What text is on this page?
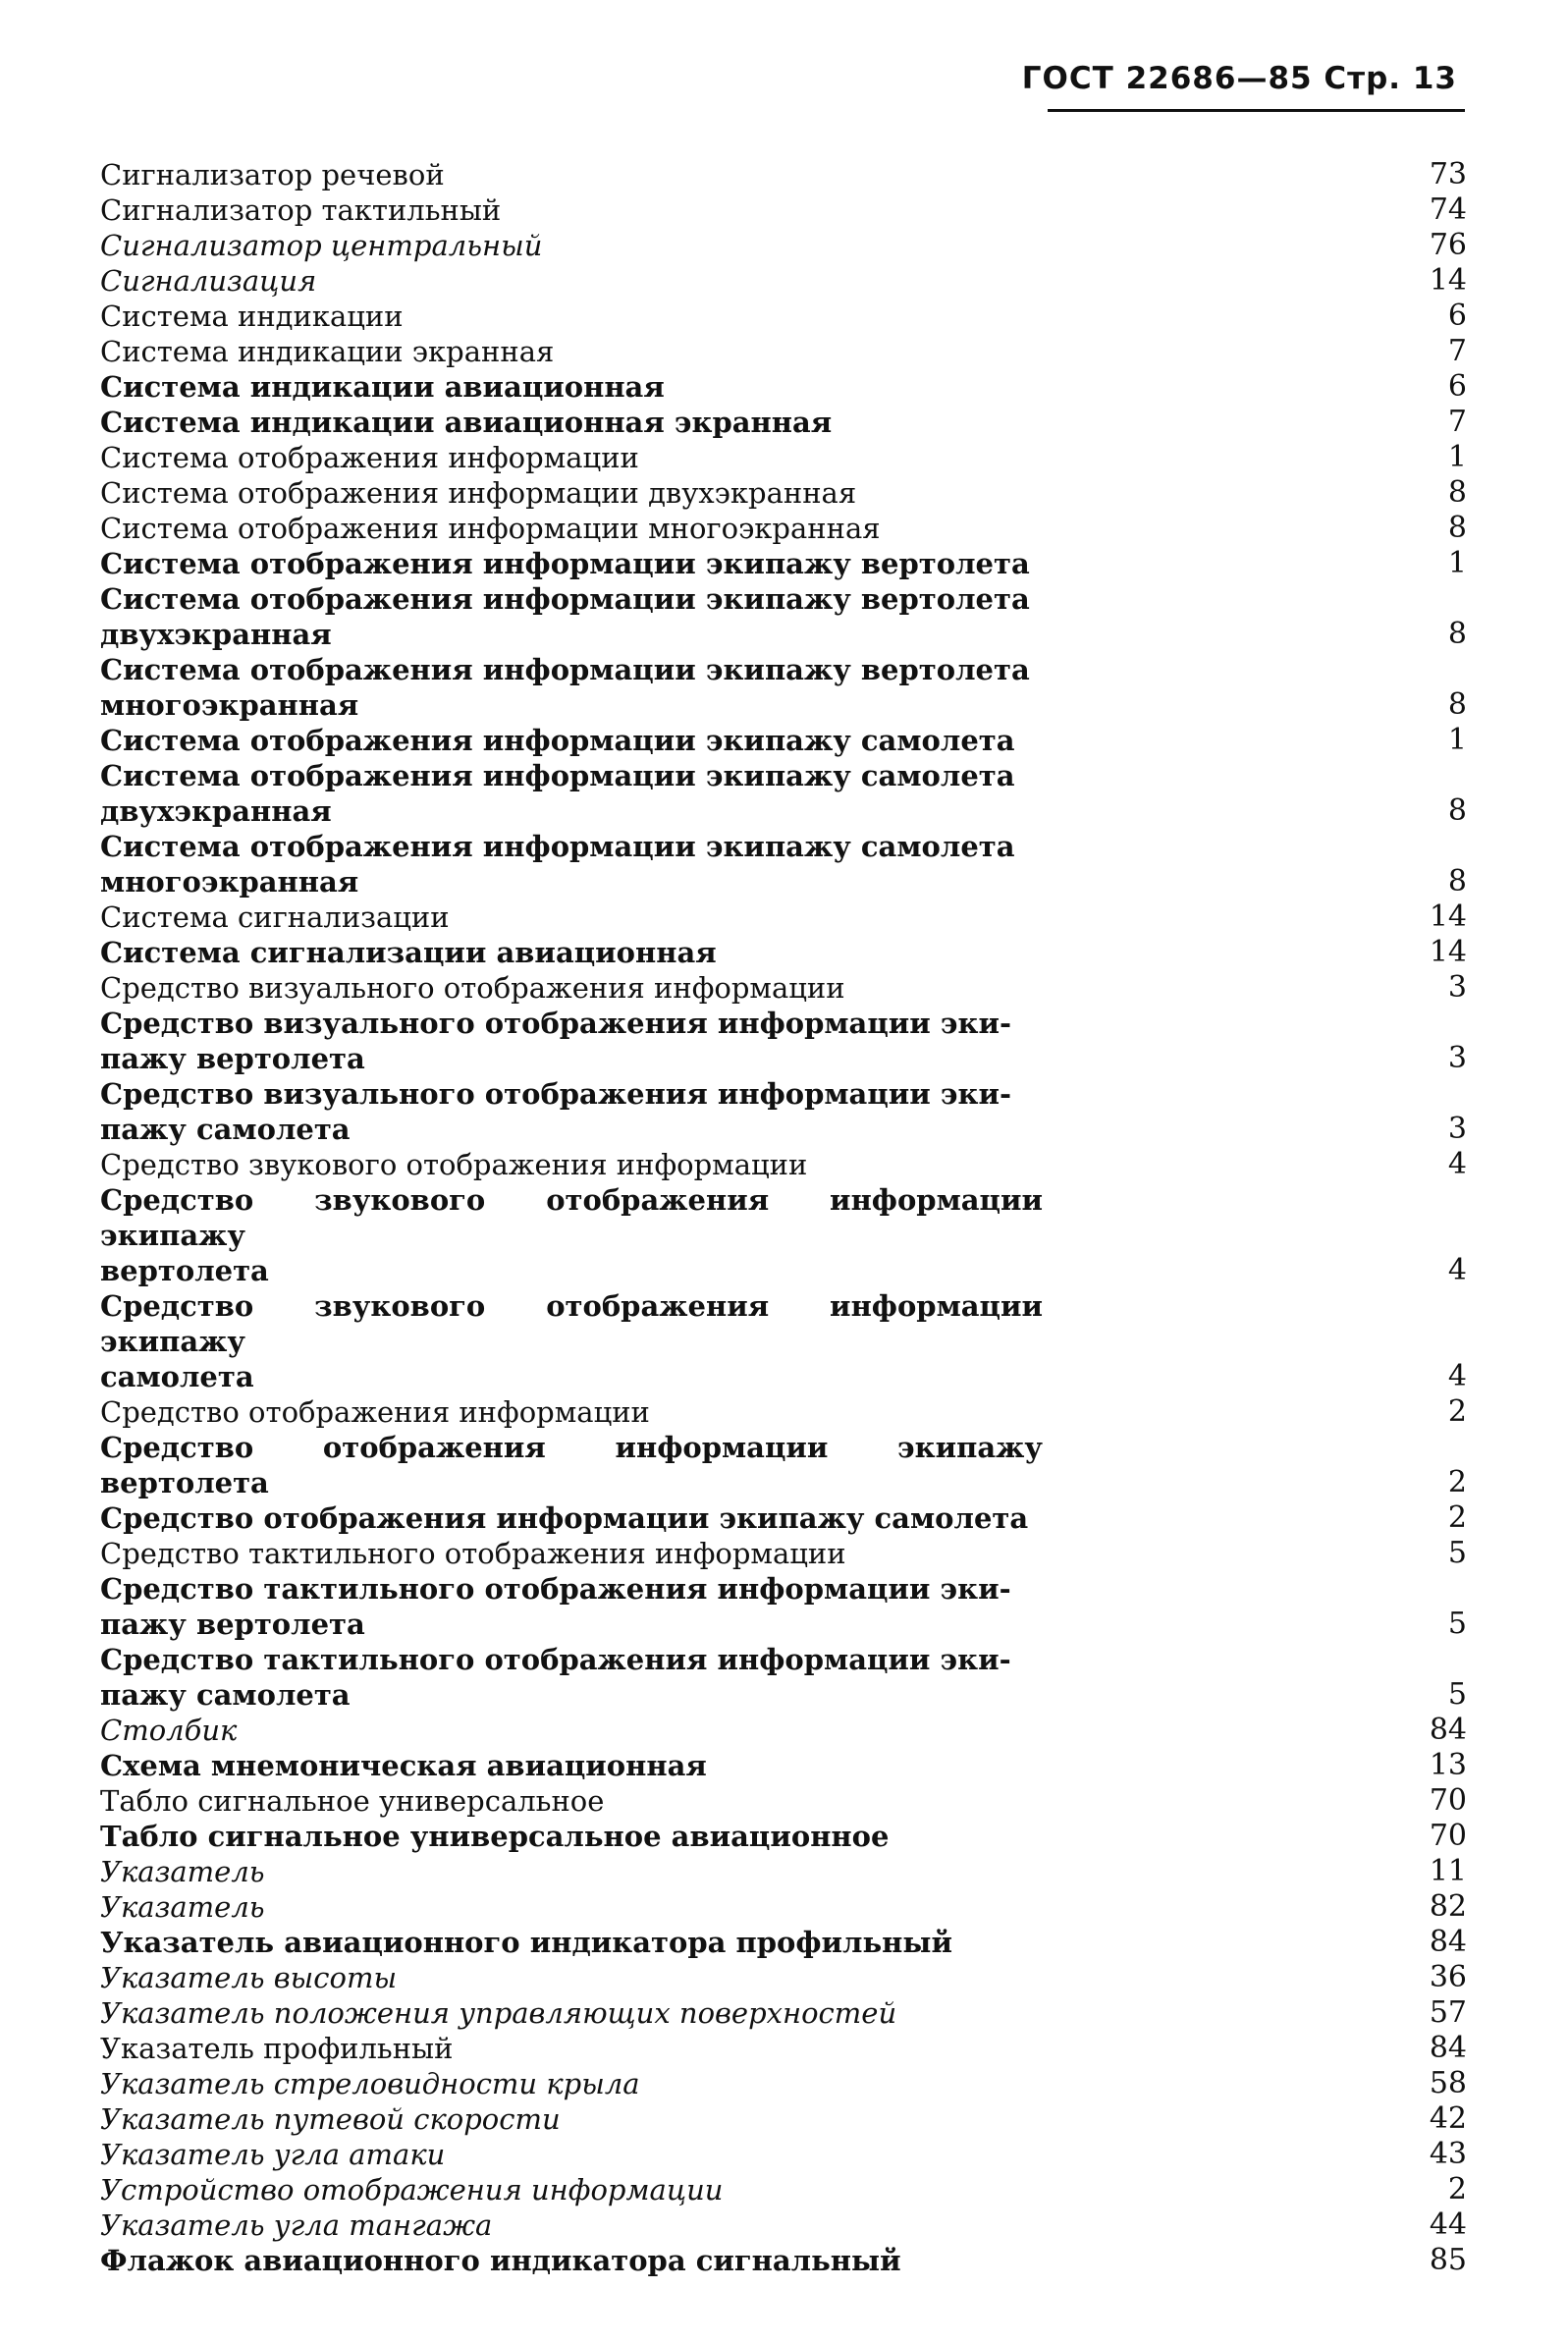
ГОСТ 22686—85 Стр. 13
Сигнализатор речевой	73
Сигнализатор тактильный	74
Сигнализатор центральный	76
Сигнализация	14
Система индикации	6
Система индикации экранная	7
Система индикации авиационная	6
Система индикации авиационная экранная	7
Система отображения информации	1
Система отображения информации двухэкранная	8
Система отображения информации многоэкранная	8
Система отображения информации экипажу вертолета	1
Система отображения информации экипажу вертолета
двухэкранная	8
Система отображения информации экипажу вертолета
многоэкранная	8
Система отображения информации экипажу самолета	1
Система отображения информации экипажу самолета
двухэкранная	8
Система отображения информации экипажу самолета
многоэкранная	8
Система сигнализации	14
Система сигнализации авиационная	14
Средство визуального отображения информации	3
Средство визуального отображения информации эки-
пажу вертолета	3
Средство визуального отображения информации эки-
пажу самолета	3
Средство звукового отображения информации	4
Средство звукового отображения информации экипажу
вертолета	4
Средство звукового отображения информации экипажу
самолета	4
Средство отображения информации	2
Средство отображения информации экипажу вертолета	2
Средство отображения информации экипажу самолета	2
Средство тактильного отображения информации	5
Средство тактильного отображения информации эки-
пажу вертолета	5
Средство тактильного отображения информации эки-
пажу самолета	5
Столбик	84
Схема мнемоническая авиационная	13
Табло сигнальное универсальное	70
Табло сигнальное универсальное авиационное	70
Указатель	11
Указатель	82
Указатель авиационного индикатора профильный	84
Указатель высоты	36
Указатель положения управляющих поверхностей	57
Указатель профильный	84
Указатель стреловидности крыла	58
Указатель путевой скорости	42
Указатель угла атаки	43
Устройство отображения информации	2
Указатель угла тангажа	44
Флажок авиационного индикатора сигнальный	85
